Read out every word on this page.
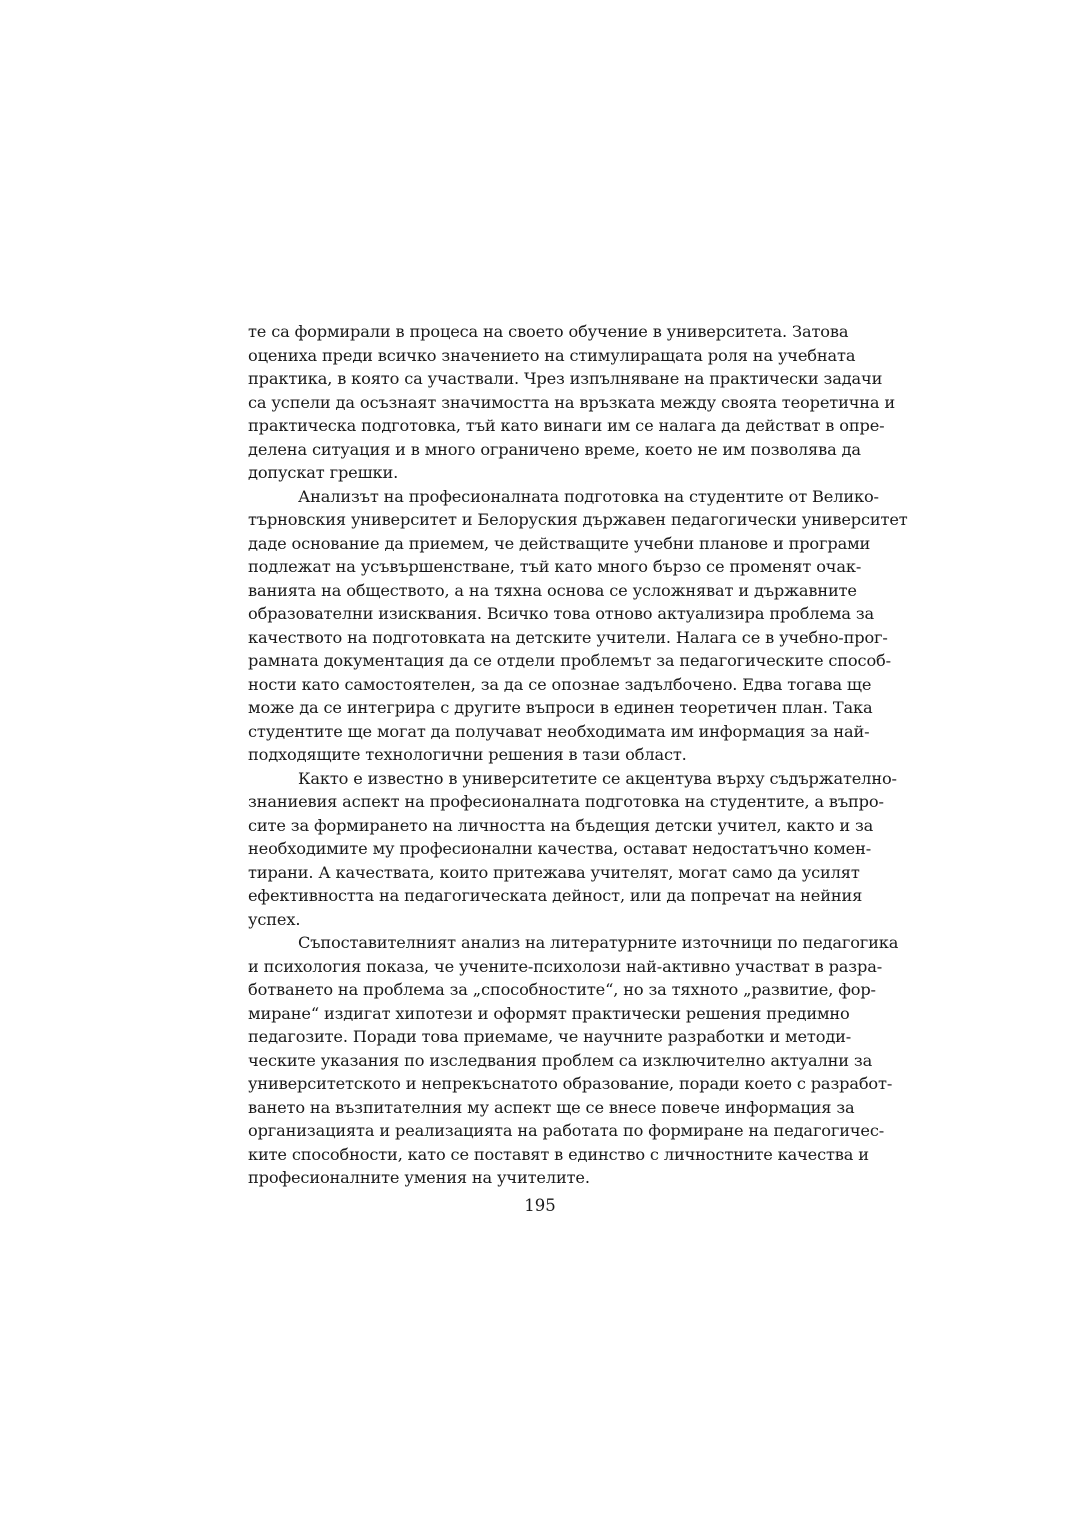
те са формирали в процеса на своето обучение в университета. Затова
оцениха преди всичко значението на стимулиращата роля на учебната
практика, в която са участвали. Чрез изпълняване на практически задачи
са успели да осъзнаят значимостта на връзката между своята теоретична и
практическа подготовка, тъй като винаги им се налага да действат в опре-
делена ситуация и в много ограничено време, което не им позволява да
допускат грешки.
Анализът на професионалната подготовка на студентите от Велико-
търновския университет и Белоруския държавен педагогически университет
даде основание да приемем, че действащите учебни планове и програми
подлежат на усъвършенстване, тъй като много бързо се променят очак-
ванията на обществото, а на тяхна основа се усложняват и държавните
образователни изисквания. Всичко това отново актуализира проблема за
качеството на подготовката на детските учители. Налага се в учебно-прог-
рамната документация да се отдели проблемът за педагогическите способ-
ности като самостоятелен, за да се опознае задълбочено. Едва тогава ще
може да се интегрира с другите въпроси в единен теоретичен план. Така
студентите ще могат да получават необходимата им информация за най-
подходящите технологични решения в тази област.
Както е известно в университетите се акцентува върху съдържателно-
знаниевия аспект на професионалната подготовка на студентите, а въпро-
сите за формирането на личността на бъдещия детски учител, както и за
необходимите му професионални качества, остават недостатъчно комен-
тирани. А качествата, които притежава учителят, могат само да усилят
ефективността на педагогическата дейност, или да попречат на нейния
успех.
Съпоставителният анализ на литературните източници по педагогика
и психология показа, че учените-психолози най-активно участват в разра-
ботването на проблема за „способностите“, но за тяхното „развитие, фор-
миране“ издигат хипотези и оформят практически решения предимно
педагозите. Поради това приемаме, че научните разработки и методи-
ческите указания по изследвания проблем са изключително актуални за
университетското и непрекъснатото образование, поради което с разработ-
ването на възпитателния му аспект ще се внесе повече информация за
организацията и реализацията на работата по формиране на педагогичес-
ките способности, като се поставят в единство с личностните качества и
професионалните умения на учителите.
195
